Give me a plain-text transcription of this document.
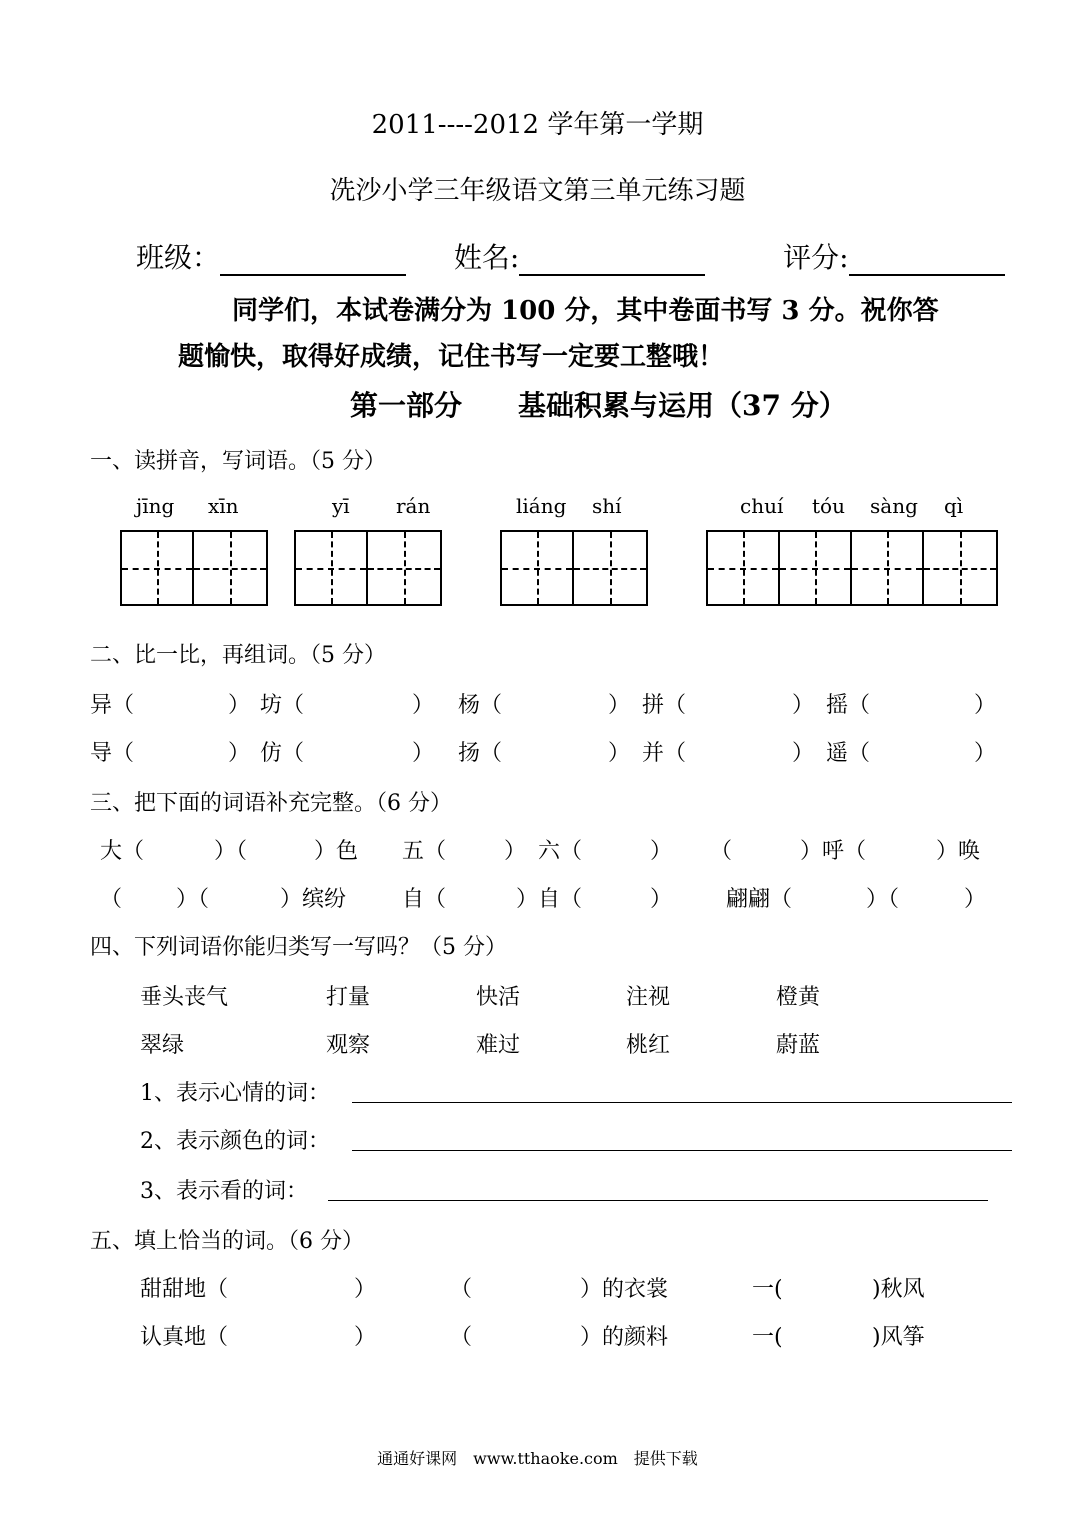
2011----2012 学年第一学期
冼沙小学三年级语文第三单元练习题
班级：	姓名:	评分:
同学们，本试卷满分为 100 分，其中卷面书写 3 分。祝你答
题愉快，取得好成绩，记住书写一定要工整哦！
第一部分　　基础积累与运用（37 分）
一、读拼音，写词语。（5 分）
jīng xīn	yī rán	liáng shí	chuí tóu sàng qì
二、比一比，再组词。（5 分）
异（	） 坊（	） 杨（	） 拼（	） 摇（	）
导（	） 仿（	） 扬（	） 并（	） 遥（	）
三、把下面的词语补充完整。（6 分）
大（	）（	）色 五（	） 六（	） （	）呼（	）唤
（ ）（	）缤纷	自（	）自（	） 翩翩（	）（	）
四、下列词语你能归类写一写吗？（5 分）
垂头丧气	打量	快活	注视	橙黄
翠绿	观察	难过	桃红	蔚蓝
1、表示心情的词：
2、表示颜色的词：
3、表示看的词：
五、填上恰当的词。（6 分）
甜甜地（	）	（	）的衣裳	一(	)秋风
认真地（	）	（	）的颜料	一(	)风筝
通通好课网　www.tthaoke.com　提供下载
